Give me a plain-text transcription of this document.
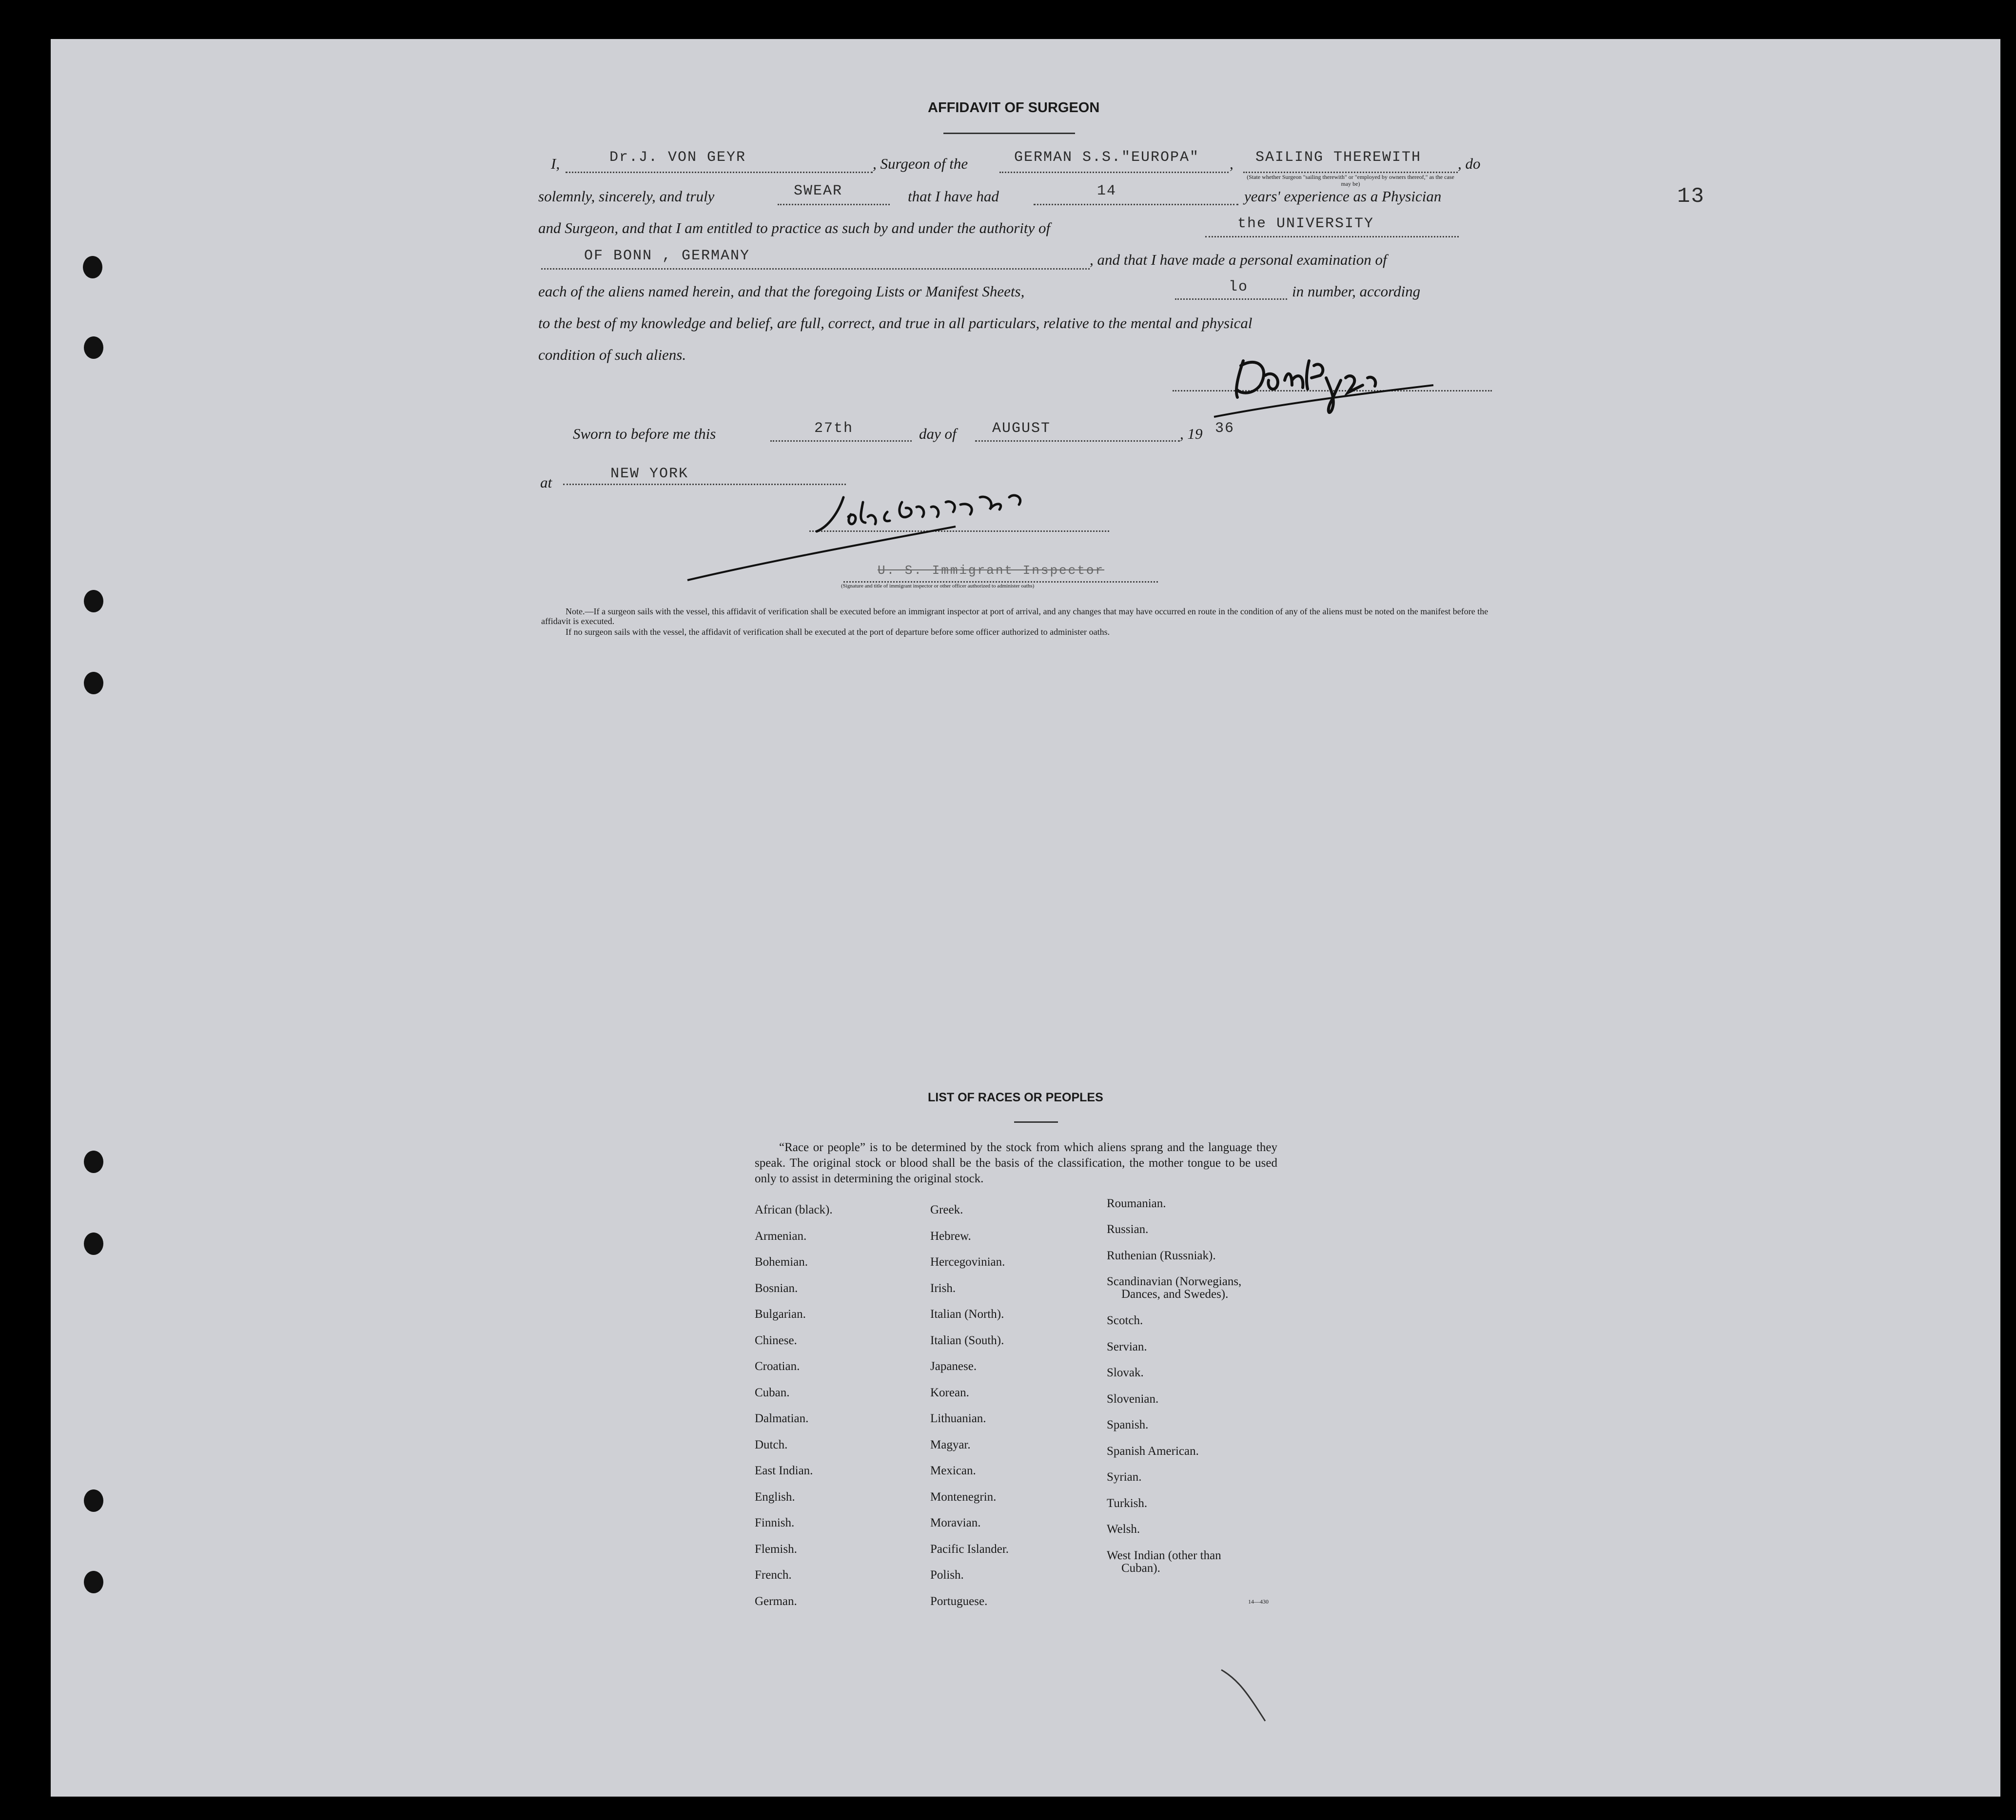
13
AFFIDAVIT OF SURGEON
I,	Dr.J. VON GEYR	, Surgeon of the	GERMAN S.S."EUROPA" , SAILING THEREWITH
(State whether Surgeon "sailing therewith" or "employed by owners thereof," as the case may be)
, do
solemnly, sincerely, and truly	SWEAR	that I have had	14	years' experience as a Physician
and Surgeon, and that I am entitled to practice as such by and under the authority of	the UNIVERSITY
OF BONN , GERMANY	, and that I have made a personal examination of
each of the aliens named herein, and that the foregoing Lists or Manifest Sheets,	lo	in number, according
to the best of my knowledge and belief, are full, correct, and true in all particulars, relative to the mental and physical
condition of such aliens.
Sworn to before me this	27th	day of AUGUST	, 19 36
at	NEW YORK
U. S. Immigrant Inspector
(Signature and title of immigrant inspector or other officer authorized to administer oaths)
Note.—If a surgeon sails with the vessel, this affidavit of verification shall be executed before an immigrant inspector at port of arrival, and any changes that may have occurred en route in the condition of any of the aliens must be noted on the manifest before the affidavit is executed.
If no surgeon sails with the vessel, the affidavit of verification shall be executed at the port of departure before some officer authorized to administer oaths.
LIST OF RACES OR PEOPLES
“Race or people” is to be determined by the stock from which aliens sprang and the language they speak. The original stock or blood shall be the basis of the classification, the mother tongue to be used only to assist in determining the original stock.
African (black).
Armenian.
Bohemian.
Bosnian.
Bulgarian.
Chinese.
Croatian.
Cuban.
Dalmatian.
Dutch.
East Indian.
English.
Finnish.
Flemish.
French.
German.
Greek.
Hebrew.
Hercegovinian.
Irish.
Italian (North).
Italian (South).
Japanese.
Korean.
Lithuanian.
Magyar.
Mexican.
Montenegrin.
Moravian.
Pacific Islander.
Polish.
Portuguese.
Roumanian.
Russian.
Ruthenian (Russniak).
Scandinavian (Norwegians,
Dances, and Swedes).
Scotch.
Servian.
Slovak.
Slovenian.
Spanish.
Spanish American.
Syrian.
Turkish.
Welsh.
West Indian (other than
Cuban).
14—430
